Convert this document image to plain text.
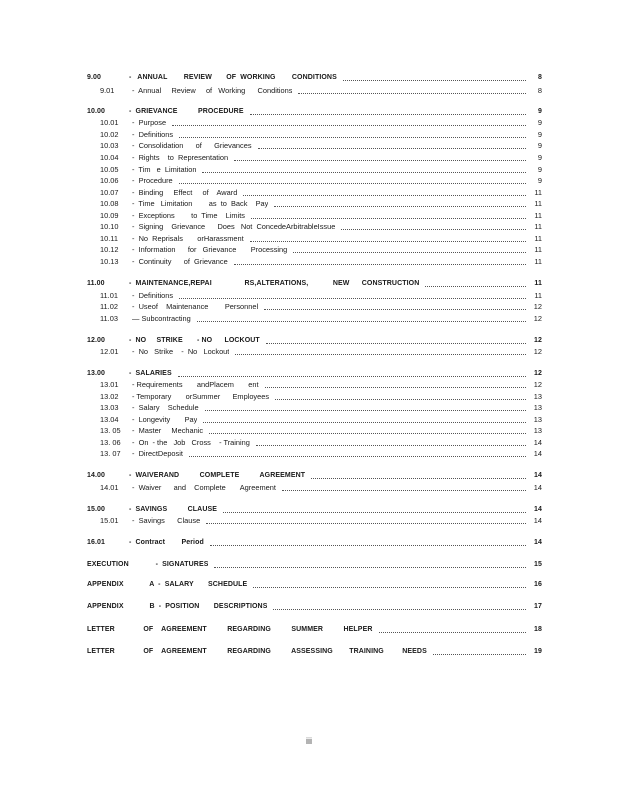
9.00	-   ANNUAL        REVIEW       OF  WORKING        CONDITIONS	8
9.01	-  Annual     Review     of   Working      Conditions	8
10.00	-  GRIEVANCE          PROCEDURE	9
10.01	-  Purpose	9
10.02	-  Definitions	9
10.03	-  Consolidation      of      Grievances	9
10.04	-  Rights    to  Representation	9
10.05	-  Tim   e  Limitation	9
10.06	-  Procedure	9
10.07	-  Binding     Effect     of    Award	11
10.08	-  Time   Limitation        as  to  Back    Pay	11
10.09	-  Exceptions        to  Time    Limits	11
10.10	-  Signing    Grievance      Does   Not  ConcedeArbitrableIssue	11
10.11	-  No  Reprisals       orHarassment	11
10.12	-  Information      for   Grievance       Processing	11
10.13	-  Continuity      of  Grievance	11
11.00	-  MAINTENANCE,REPAI                RS,ALTERATIONS,            NEW      CONSTRUCTION	11
11.01	-  Definitions	11
11.02	-  Useof    Maintenance        Personnel	12
11.03	— Subcontracting	12
12.00	-  NO     STRIKE       - NO      LOCKOUT	12
12.01	-  No   Strike    -  No   Lockout	12
13.00	-  SALARIES	12
13.01	- Requirements       andPlacem       ent	12
13.02	- Temporary       orSummer      Employees	13
13.03	-  Salary    Schedule	13
13.04	-  Longevity       Pay	13
13. 05	-  Master     Mechanic	13
13. 06	-  On  - the   Job   Cross    - Training	14
13. 07	-  DirectDeposit	14
14.00	-  WAIVERAND          COMPLETE          AGREEMENT	14
14.01	-  Waiver      and    Complete       Agreement	14
15.00	-  SAVINGS          CLAUSE	14
15.01	-  Savings      Clause	14
16.01	-  Contract        Period	14
EXECUTION -  SIGNATURES	15
APPENDIX A  -  SALARY       SCHEDULE	16
APPENDIX B  -  POSITION       DESCRIPTIONS	17
LETTER	OF    AGREEMENT          REGARDING          SUMMER          HELPER	18
LETTER	OF    AGREEMENT          REGARDING          ASSESSING        TRAINING         NEEDS	19
iii
